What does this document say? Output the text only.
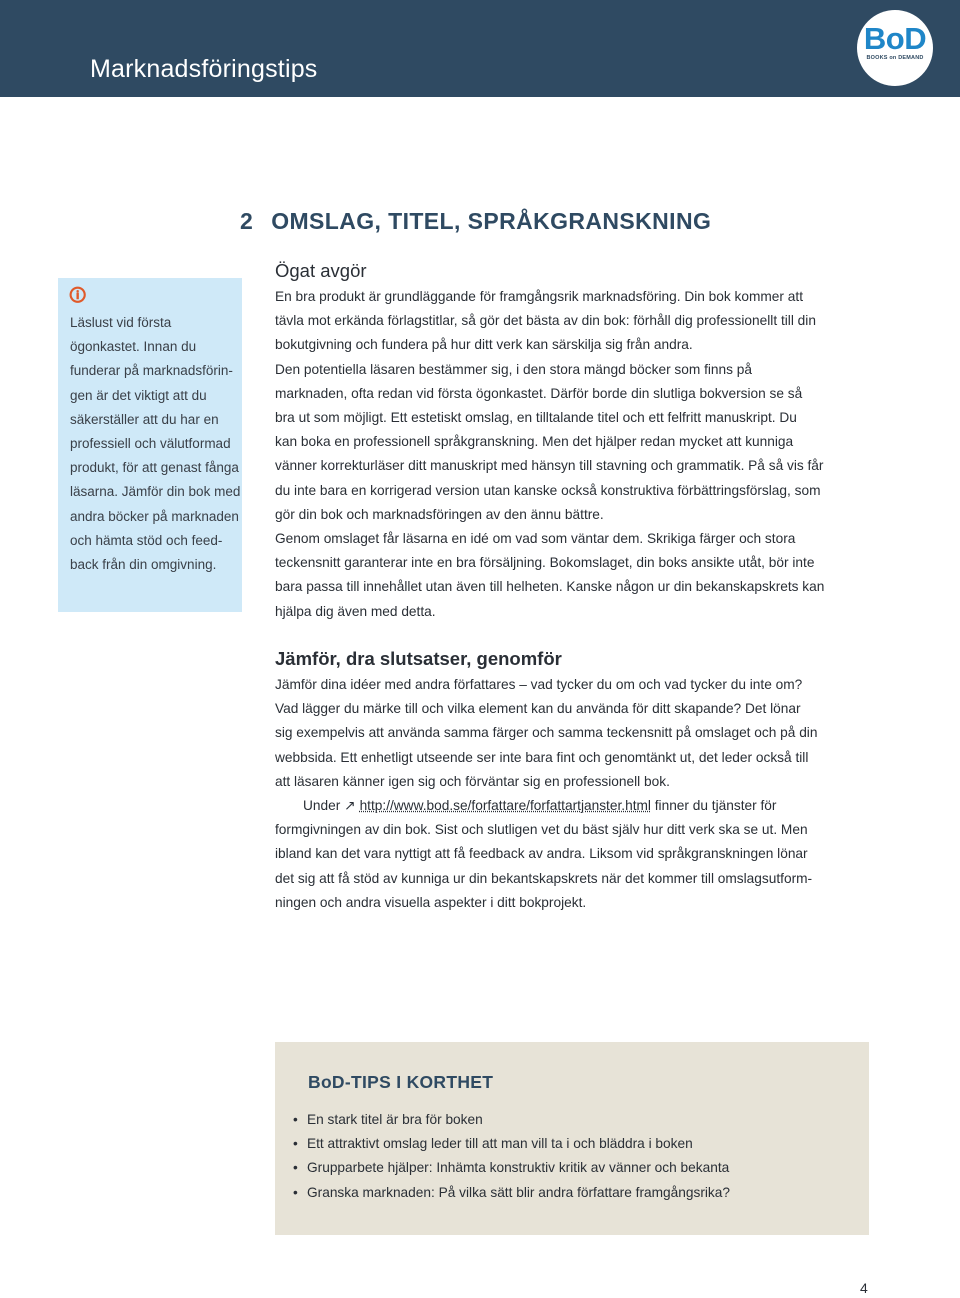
Marknadsföringstips
BoD
BOOKS on DEMAND
2 OMSLAG, TITEL, SPRÅKGRANSKNING
🛈
Läslust vid första
ögonkastet. Innan du
funderar på marknadsförin-
gen är det viktigt att du
säkerställer att du har en
professiell och välutformad
produkt, för att genast fånga
läsarna. Jämför din bok med
andra böcker på marknaden
och hämta stöd och feed-
back från din omgivning.
Ögat avgör
En bra produkt är grundläggande för framgångsrik marknadsföring. Din bok kommer att
tävla mot erkända förlagstitlar, så gör det bästa av din bok: förhåll dig professionellt till din
bokutgivning och fundera på hur ditt verk kan särskilja sig från andra.
Den potentiella läsaren bestämmer sig, i den stora mängd böcker som finns på
marknaden, ofta redan vid första ögonkastet. Därför borde din slutliga bokversion se så
bra ut som möjligt. Ett estetiskt omslag, en tilltalande titel och ett felfritt manuskript. Du
kan boka en professionell språkgranskning. Men det hjälper redan mycket att kunniga
vänner korrekturläser ditt manuskript med hänsyn till stavning och grammatik. På så vis får
du inte bara en korrigerad version utan kanske också konstruktiva förbättringsförslag, som
gör din bok och marknadsföringen av den ännu bättre.
Genom omslaget får läsarna en idé om vad som väntar dem. Skrikiga färger och stora
teckensnitt garanterar inte en bra försäljning. Bokomslaget, din boks ansikte utåt, bör inte
bara passa till innehållet utan även till helheten. Kanske någon ur din bekanskapskrets kan
hjälpa dig även med detta.
Jämför, dra slutsatser, genomför
Jämför dina idéer med andra författares – vad tycker du om och vad tycker du inte om?
Vad lägger du märke till och vilka element kan du använda för ditt skapande? Det lönar
sig exempelvis att använda samma färger och samma teckensnitt på omslaget och på din
webbsida. Ett enhetligt utseende ser inte bara fint och genomtänkt ut, det leder också till
att läsaren känner igen sig och förväntar sig en professionell bok.
Under ↗ http://www.bod.se/forfattare/forfattartjanster.html finner du tjänster för
formgivningen av din bok. Sist och slutligen vet du bäst själv hur ditt verk ska se ut. Men
ibland kan det vara nyttigt att få feedback av andra. Liksom vid språkgranskningen lönar
det sig att få stöd av kunniga ur din bekantskapskrets när det kommer till omslagsutform-
ningen och andra visuella aspekter i ditt bokprojekt.
BoD-TIPS I KORTHET
• En stark titel är bra för boken
• Ett attraktivt omslag leder till att man vill ta i och bläddra i boken
• Grupparbete hjälper: Inhämta konstruktiv kritik av vänner och bekanta
• Granska marknaden: På vilka sätt blir andra författare framgångsrika?
4
